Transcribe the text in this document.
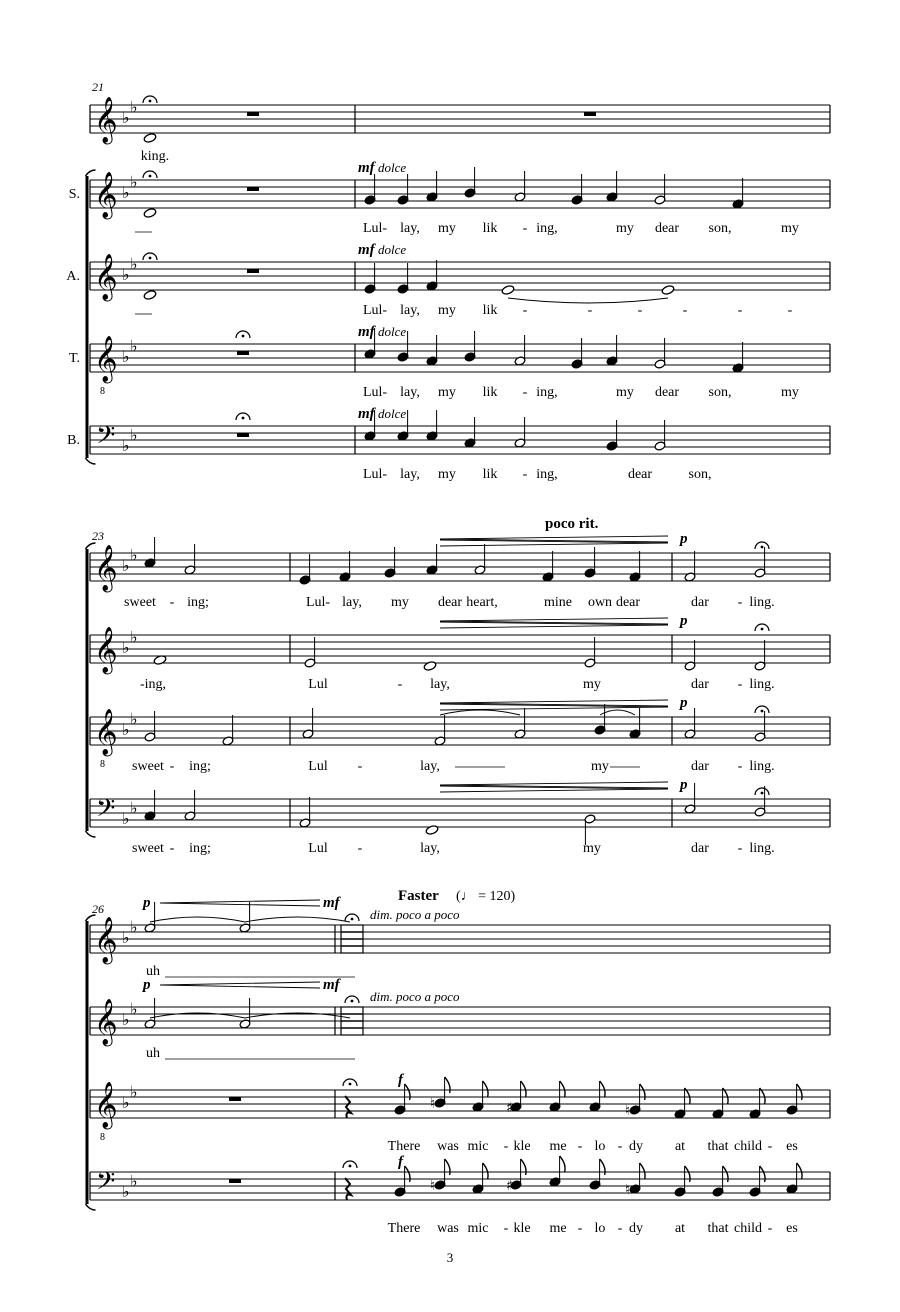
21
𝄞 ♭
♭
𝄞 ♭
♭
S.
𝄞 ♭
♭
A.
𝄞
8
♭
♭
T.
𝄢 ♭
♭
B.
king.
Lul- lay, my lik - ing,	my dear son,	my
mf dolce
Lul- lay, my lik -	-	-	-	-	-
mf dolce
Lul- lay, my lik - ing,	my dear son,	my
mf dolce
Lul- lay, my lik - ing,	dear	son,
mf dolce
23
𝄞 ♭
♭
𝄞 ♭
♭
𝄞
8
♭
♭
𝄢 ♭
♭
poco rit.
p
sweet - ing;	Lul- lay, my dear heart,	mine own dear	dar - ling.
p
-ing,	Lul	- lay,	my	dar - ling.
p
sweet - ing;	Lul -	lay,	my	dar - ling.
p
sweet - ing;	Lul -	lay,	my	dar - ling.
26
Faster (♩ = 120)
𝄞 ♭
♭
𝄞 ♭
♭
𝄞
8
♭
♭
𝄢 ♭
♭
p	mf
dim. poco a poco
uh
p	mf
dim. poco a poco
uh
♮	♯	♮
f
There was mic - kle me - lo - dy at that child - es
♮	♯	♮
f
There was mic - kle me - lo - dy at that child - es
3
